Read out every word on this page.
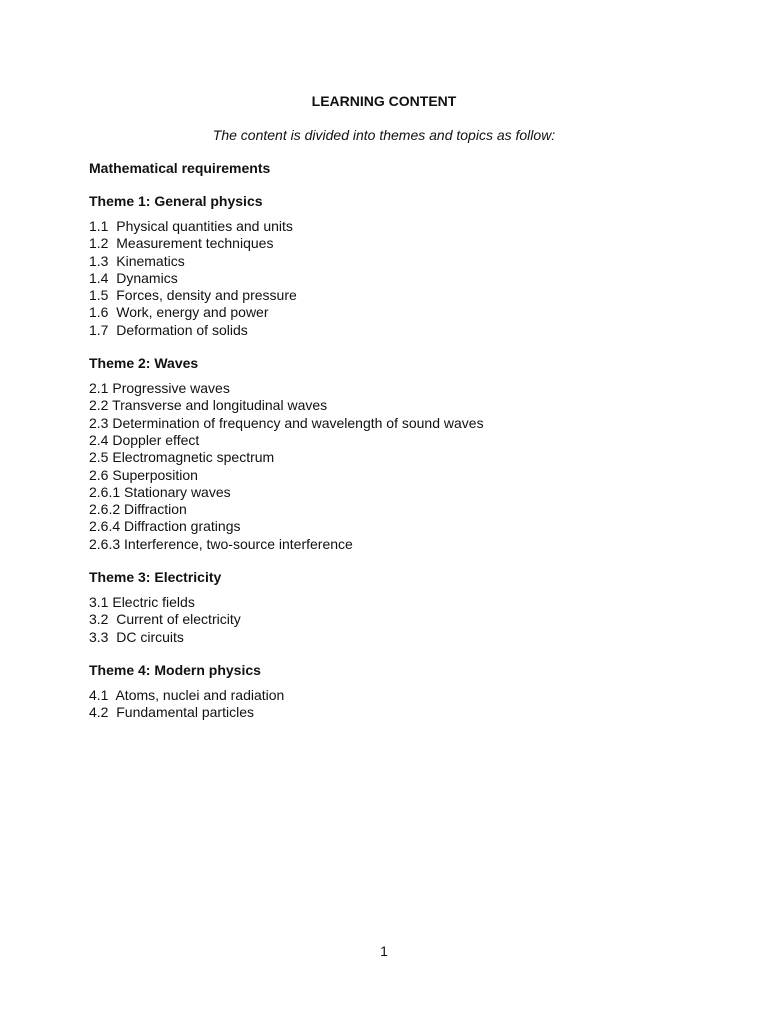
LEARNING CONTENT
The content is divided into themes and topics as follow:

Mathematical requirements

Theme 1: General physics

1.1  Physical quantities and units
1.2  Measurement techniques
1.3  Kinematics
1.4  Dynamics
1.5  Forces, density and pressure
1.6  Work, energy and power
1.7  Deformation of solids

Theme 2: Waves

2.1 Progressive waves
2.2 Transverse and longitudinal waves
2.3 Determination of frequency and wavelength of sound waves
2.4 Doppler effect
2.5 Electromagnetic spectrum
2.6 Superposition
2.6.1 Stationary waves
2.6.2 Diffraction
2.6.4 Diffraction gratings
2.6.3 Interference, two-source interference

Theme 3: Electricity

3.1 Electric fields
3.2  Current of electricity
3.3  DC circuits

Theme 4: Modern physics

4.1  Atoms, nuclei and radiation
4.2  Fundamental particles
1
